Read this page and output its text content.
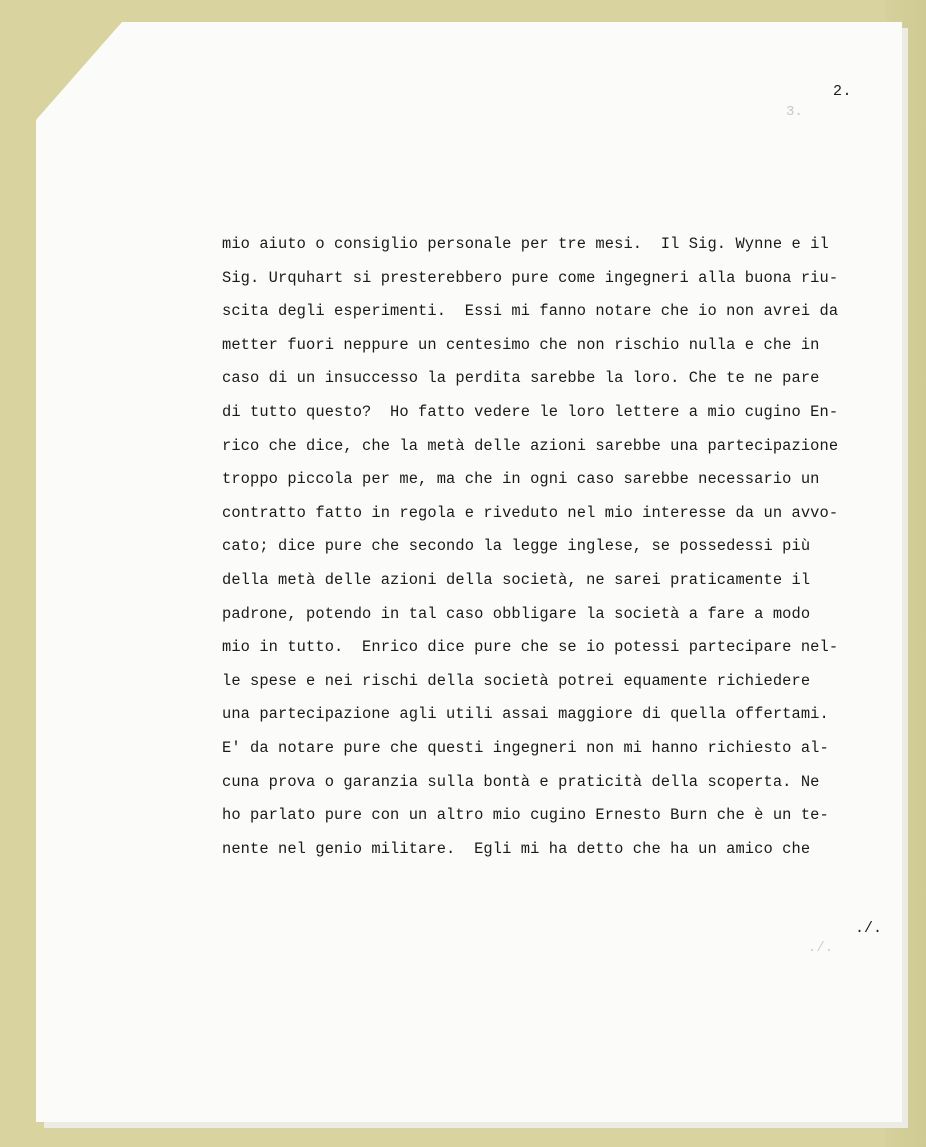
3.
2.
mio aiuto o consiglio personale per tre mesi.  Il Sig. Wynne e il
Sig. Urquhart si presterebbero pure come ingegneri alla buona riu-
scita degli esperimenti.  Essi mi fanno notare che io non avrei da
metter fuori neppure un centesimo che non rischio nulla e che in
caso di un insuccesso la perdita sarebbe la loro. Che te ne pare
di tutto questo?  Ho fatto vedere le loro lettere a mio cugino En-
rico che dice, che la metà delle azioni sarebbe una partecipazione
troppo piccola per me, ma che in ogni caso sarebbe necessario un
contratto fatto in regola e riveduto nel mio interesse da un avvo-
cato; dice pure che secondo la legge inglese, se possedessi più
della metà delle azioni della società, ne sarei praticamente il
padrone, potendo in tal caso obbligare la società a fare a modo
mio in tutto.  Enrico dice pure che se io potessi partecipare nel-
le spese e nei rischi della società potrei equamente richiedere
una partecipazione agli utili assai maggiore di quella offertami.
E' da notare pure che questi ingegneri non mi hanno richiesto al-
cuna prova o garanzia sulla bontà e praticità della scoperta. Ne
ho parlato pure con un altro mio cugino Ernesto Burn che è un te-
nente nel genio militare.  Egli mi ha detto che ha un amico che
./.
./.
